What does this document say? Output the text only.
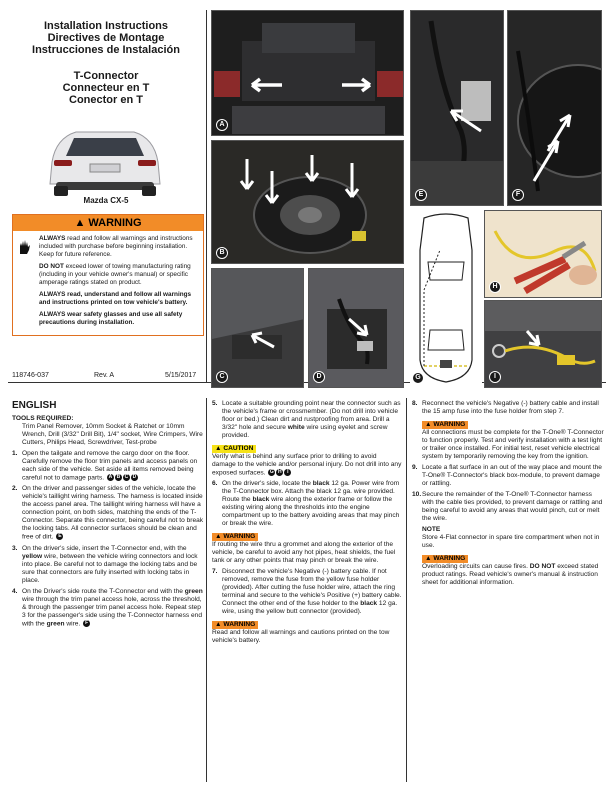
Installation Instructions
Directives de Montage
Instrucciones de Instalación
T-Connector
Connecteur en T
Conector en T
Mazda CX-5
▲ WARNING

ALWAYS read and follow all warnings and instructions included with purchase before beginning installation. Keep for future reference.

DO NOT exceed lower of towing manufacturing rating (including in your vehicle owner's manual) or specific amperage ratings stated on product.

ALWAYS read, understand and follow all warnings and instructions printed on tow vehicle's battery.

ALWAYS wear safety glasses and use all safety precautions during installation.

118746-037	Rev. A	5/15/2017
A
B
C	D
E	F
G
H
I
ENGLISH
TOOLS REQUIRED:
Trim Panel Remover, 10mm Socket & Ratchet or 10mm Wrench, Drill (3/32" Drill Bit), 1/4" socket, Wire Crimpers, Wire Cutters, Philips Head, Screwdriver, Test-probe
1. Open the tailgate and remove the cargo door on the floor. Carefully remove the floor trim panels and access panels on each side of the vehicle. Set aside all items removed being careful not to damage parts. A B C D
2. On the driver and passenger sides of the vehicle, locate the vehicle's taillight wiring harness. The harness is located inside the access panel area. The taillight wiring harness will have a connection point, on both sides, matching the ends of the T-Connector. Separate this connector, being careful not to break the locking tabs. All connector surfaces should be clean and free of dirt. E
3. On the driver's side, insert the T-Connector end, with the yellow wire, between the vehicle wiring connectors and lock into place. Be careful not to damage the locking tabs and be sure that connectors are fully inserted with locking tabs in place.
4. On the Driver's side route the T-Connector end with the green wire through the trim panel access hole, across the threshold, & through the passenger trim panel access hole. Repeat step 3 for the passenger's side using the T-Connector harness end with the green wire. F
5. Locate a suitable grounding point near the connector such as the vehicle's frame or crossmember. (Do not drill into vehicle floor or bed.) Clean dirt and rustproofing from area. Drill a 3/32" hole and secure white wire using eyelet and screw provided.
▲ CAUTION
Verify what is behind any surface prior to drilling to avoid damage to the vehicle and/or personal injury. Do not drill into any exposed surfaces. G H I
6. On the driver's side, locate the black 12 ga. Power wire from the T-Connector box. Attach the black 12 ga. wire provided. Route the black wire along the exterior frame or follow the existing wiring along the thresholds into the engine compartment up to the battery avoiding areas that may pinch or break the wire.
▲ WARNING
If routing the wire thru a grommet and along the exterior of the vehicle, be careful to avoid any hot pipes, heat shields, the fuel tank or any other points that may pinch or break the wire.
7. Disconnect the vehicle's Negative (-) battery cable. If not removed, remove the fuse from the yellow fuse holder (provided). After cutting the fuse holder wire, attach the ring terminal and secure to the vehicle's Positive (+) battery cable. Connect the other end of the fuse holder to the black 12 ga. wire, using the yellow butt connector (provided).
▲ WARNING
Read and follow all warnings and cautions printed on the tow vehicle's battery.
8. Reconnect the vehicle's Negative (-) battery cable and install the 15 amp fuse into the fuse holder from step 7.
▲ WARNING
All connections must be complete for the T-One® T-Connector to function properly. Test and verify installation with a test light or trailer once installed. For initial test, reset vehicle electrical system by temporarily removing the key from the ignition.
9. Locate a flat surface in an out of the way place and mount the T-One® T-Connector's black box-module, to prevent damage or rattling.
10. Secure the remainder of the T-One® T-Connector harness with the cable ties provided, to prevent damage or rattling and being careful to avoid any areas that would pinch, cut or melt the wire.
NOTE
Store 4-Flat connector in spare tire compartment when not in use.
▲ WARNING
Overloading circuits can cause fires. DO NOT exceed stated product ratings. Read vehicle's owner's manual & instruction sheet for additional information.
